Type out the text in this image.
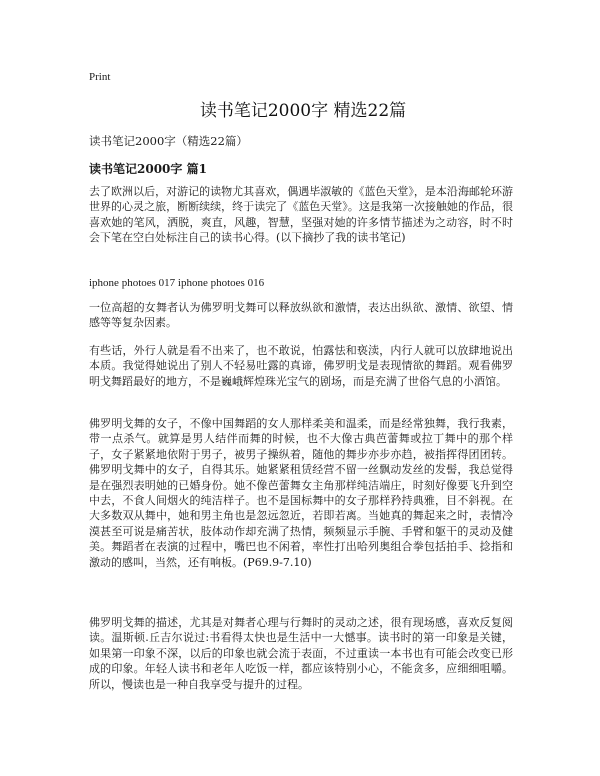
Print
读书笔记2000字 精选22篇

读书笔记2000字（精选22篇）

读书笔记2000字 篇1

去了欧洲以后，对游记的读物尤其喜欢，偶遇毕淑敏的《蓝色天堂》，是本沿海邮轮环游世界的心灵之旅，断断续续，终于读完了《蓝色天堂》。这是我第一次接触她的作品，很喜欢她的笔风，洒脱，爽直，风趣，智慧，坚强对她的许多情节描述为之动容，时不时会下笔在空白处标注自己的读书心得。(以下摘抄了我的读书笔记)

iphone photoes 017 iphone photoes 016

一位高超的女舞者认为佛罗明戈舞可以释放纵欲和激情，表达出纵欲、激情、欲望、情感等等复杂因素。

有些话，外行人就是看不出来了，也不敢说，怕露怯和亵渎，内行人就可以放肆地说出本质。我觉得她说出了别人不轻易吐露的真谛，佛罗明戈是表现情欲的舞蹈。观看佛罗明戈舞蹈最好的地方，不是巍峨辉煌珠光宝气的剧场，而是充满了世俗气息的小酒馆。

佛罗明戈舞的女子，不像中国舞蹈的女人那样柔美和温柔，而是经常独舞，我行我素，带一点杀气。就算是男人结伴而舞的时候，也不大像古典芭蕾舞或拉丁舞中的那个样子，女子紧紧地依附于男子，被男子操纵着，随他的舞步亦步亦趋，被指挥得团团转。佛罗明戈舞中的女子，自得其乐。她紧紧租赁经营不留一丝飘动发丝的发髻，我总觉得是在强烈表明她的已婚身份。她不像芭蕾舞女主角那样纯洁端庄，时刻好像要飞升到空中去，不食人间烟火的纯洁样子。也不是国标舞中的女子那样矜持典雅，目不斜视。在大多数双从舞中，她和男主角也是忽远忽近，若即若离。当她真的舞起来之时，表情冷漠甚至可说是痛苦状，肢体动作却充满了热情，频频显示手腕、手臂和躯干的灵动及健美。舞蹈者在表演的过程中，嘴巴也不闲着，率性打出哈列奥组合拳包括拍手、捻指和激动的感叫，当然，还有响板。(P69.9-7.10)

佛罗明戈舞的描述，尤其是对舞者心理与行舞时的灵动之述，很有现场感，喜欢反复阅读。温斯顿.丘吉尔说过:书看得太快也是生活中一大憾事。读书时的第一印象是关键，如果第一印象不深，以后的印象也就会流于表面，不过重读一本书也有可能会改变已形成的印象。年轻人读书和老年人吃饭一样，都应该特别小心，不能贪多，应细细咀嚼。所以，慢读也是一种自我享受与提升的过程。
